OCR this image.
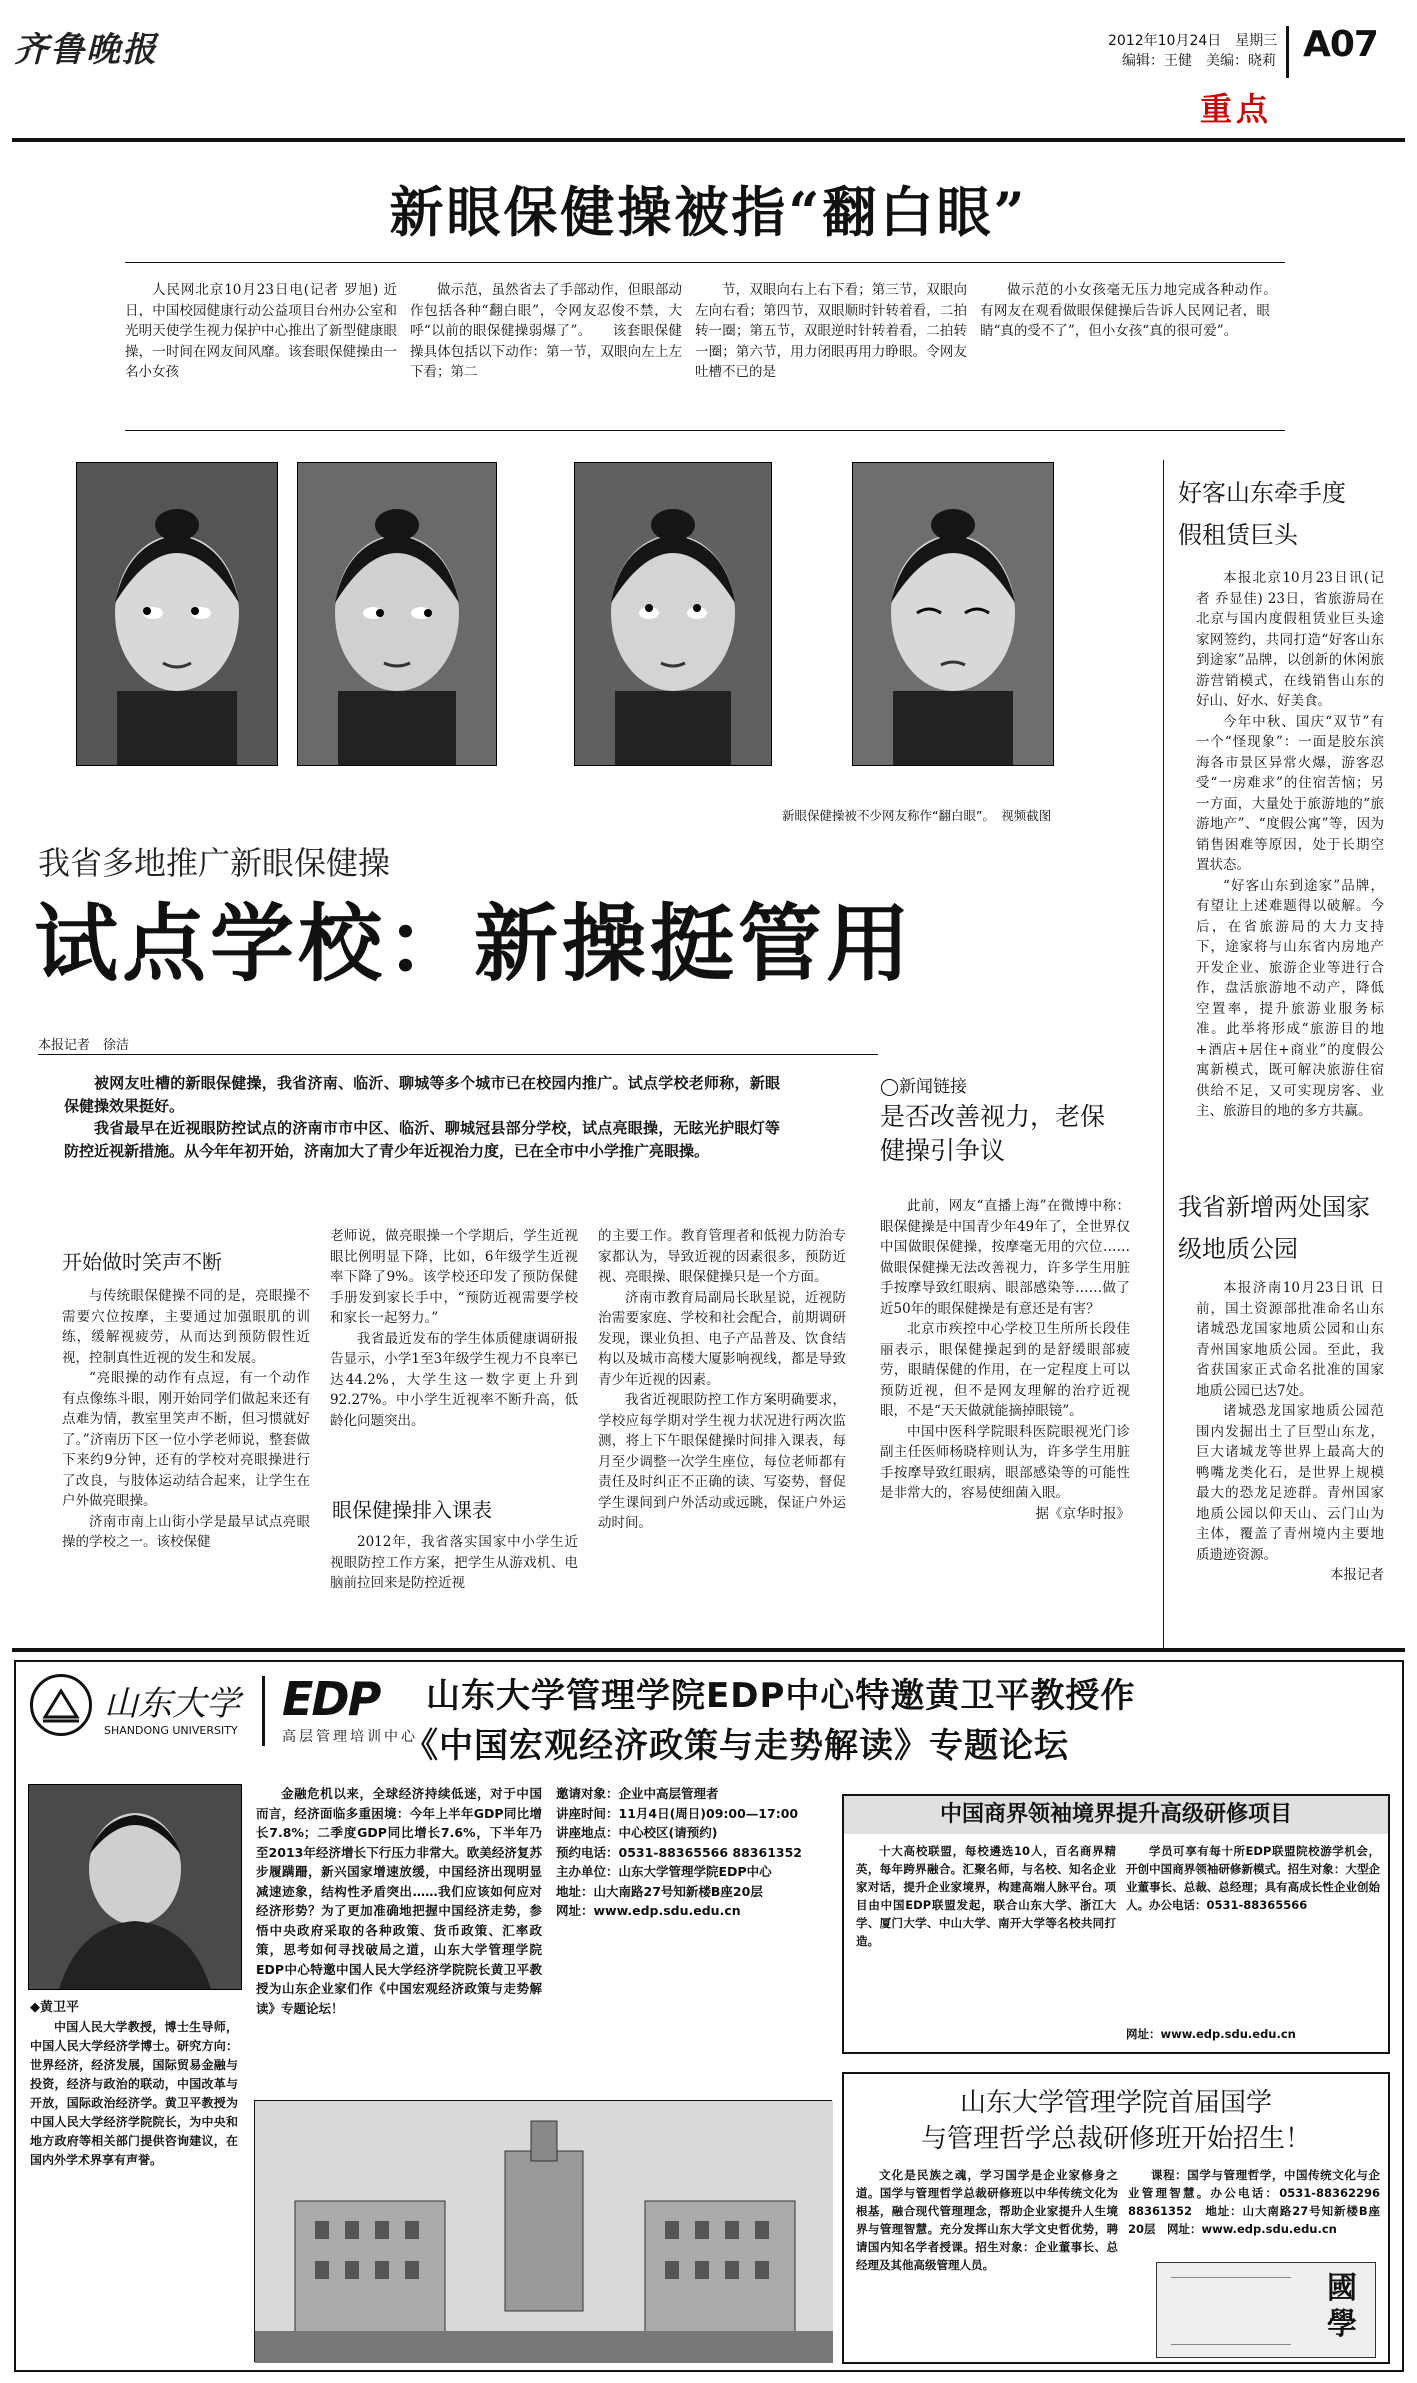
齐鲁晚报	2012年10月24日　星期三
编辑：王健　美编：晓莉 A07
重点
新眼保健操被指“翻白眼”

人民网北京10月23日电(记者 罗旭) 近日，中国校园健康行动公益项目台州办公室和光明天使学生视力保护中心推出了新型健康眼操，一时间在网友间风靡。该套眼保健操由一名小女孩

做示范，虽然省去了手部动作，但眼部动作包括各种“翻白眼”，令网友忍俊不禁，大呼“以前的眼保健操弱爆了”。　　该套眼保健操具体包括以下动作：第一节，双眼向左上左下看；第二

节，双眼向右上右下看；第三节，双眼向左向右看；第四节，双眼顺时针转着看，二拍转一圈；第五节，双眼逆时针转着看，二拍转一圈；第六节，用力闭眼再用力睁眼。令网友吐槽不已的是

做示范的小女孩毫无压力地完成各种动作。　　有网友在观看做眼保健操后告诉人民网记者，眼睛“真的受不了”，但小女孩“真的很可爱”。

新眼保健操被不少网友称作“翻白眼”。　视频截图
我省多地推广新眼保健操
试点学校：新操挺管用
本报记者　徐洁

被网友吐槽的新眼保健操，我省济南、临沂、聊城等多个城市已在校园内推广。试点学校老师称，新眼保健操效果挺好。

我省最早在近视眼防控试点的济南市市中区、临沂、聊城冠县部分学校，试点亮眼操，无眩光护眼灯等防控近视新措施。从今年年初开始，济南加大了青少年近视治力度，已在全市中小学推广亮眼操。

开始做时笑声不断

与传统眼保健操不同的是，亮眼操不需要穴位按摩，主要通过加强眼肌的训练，缓解视疲劳，从而达到预防假性近视，控制真性近视的发生和发展。

“亮眼操的动作有点逗，有一个动作有点像练斗眼，刚开始同学们做起来还有点难为情，教室里笑声不断，但习惯就好了。”济南历下区一位小学老师说，整套做下来约9分钟，还有的学校对亮眼操进行了改良，与肢体运动结合起来，让学生在户外做亮眼操。

济南市南上山街小学是最早试点亮眼操的学校之一。该校保健

老师说，做亮眼操一个学期后，学生近视眼比例明显下降，比如，6年级学生近视率下降了9%。该学校还印发了预防保健手册发到家长手中，“预防近视需要学校和家长一起努力。”

我省最近发布的学生体质健康调研报告显示，小学1至3年级学生视力不良率已达44.2%，大学生这一数字更上升到92.27%。中小学生近视率不断升高，低龄化问题突出。

眼保健操排入课表

2012年，我省落实国家中小学生近视眼防控工作方案，把学生从游戏机、电脑前拉回来是防控近视

的主要工作。教育管理者和低视力防治专家都认为，导致近视的因素很多，预防近视、亮眼操、眼保健操只是一个方面。

济南市教育局副局长耿星说，近视防治需要家庭、学校和社会配合，前期调研发现，课业负担、电子产品普及、饮食结构以及城市高楼大厦影响视线，都是导致青少年近视的因素。

我省近视眼防控工作方案明确要求，学校应每学期对学生视力状况进行两次监测，将上下午眼保健操时间排入课表，每月至少调整一次学生座位，每位老师都有责任及时纠正不正确的读、写姿势，督促学生课间到户外活动或远眺，保证户外运动时间。

◯新闻链接
是否改善视力，老保健操引争议

此前，网友“直播上海”在微博中称：眼保健操是中国青少年49年了，全世界仅中国做眼保健操，按摩毫无用的穴位……做眼保健操无法改善视力，许多学生用脏手按摩导致红眼病、眼部感染等……做了近50年的眼保健操是有意还是有害？

北京市疾控中心学校卫生所所长段佳丽表示，眼保健操起到的是舒缓眼部疲劳，眼睛保健的作用，在一定程度上可以预防近视，但不是网友理解的治疗近视眼，不是“天天做就能摘掉眼镜”。

中国中医科学院眼科医院眼视光门诊副主任医师杨晓梓则认为，许多学生用脏手按摩导致红眼病，眼部感染等的可能性是非常大的，容易使细菌入眼。

据《京华时报》

好客山东牵手度假租赁巨头

本报北京10月23日讯(记者 乔显佳) 23日，省旅游局在北京与国内度假租赁业巨头途家网签约，共同打造“好客山东到途家”品牌，以创新的休闲旅游营销模式，在线销售山东的好山、好水、好美食。

今年中秋、国庆“双节”有一个“怪现象”：一面是胶东滨海各市景区异常火爆，游客忍受“一房难求”的住宿苦恼；另一方面，大量处于旅游地的“旅游地产”、“度假公寓”等，因为销售困难等原因，处于长期空置状态。

“好客山东到途家”品牌，有望让上述难题得以破解。今后，在省旅游局的大力支持下，途家将与山东省内房地产开发企业、旅游企业等进行合作，盘活旅游地不动产，降低空置率，提升旅游业服务标准。此举将形成“旅游目的地+酒店+居住+商业”的度假公寓新模式，既可解决旅游住宿供给不足，又可实现房客、业主、旅游目的地的多方共赢。

我省新增两处国家级地质公园

本报济南10月23日讯 日前，国土资源部批准命名山东诸城恐龙国家地质公园和山东青州国家地质公园。至此，我省获国家正式命名批准的国家地质公园已达7处。

诸城恐龙国家地质公园范围内发掘出土了巨型山东龙，巨大诸城龙等世界上最高大的鸭嘴龙类化石，是世界上规模最大的恐龙足迹群。青州国家地质公园以仰天山、云门山为主体，覆盖了青州境内主要地质遗迹资源。

本报记者

山东大学
SHANDONG UNIVERSITY
EDP
高层管理培训中心
山东大学管理学院EDP中心特邀黄卫平教授作
《中国宏观经济政策与走势解读》专题论坛
◆黄卫平

中国人民大学教授，博士生导师，中国人民大学经济学博士。研究方向：世界经济，经济发展，国际贸易金融与投资，经济与政治的联动，中国改革与开放，国际政治经济学。黄卫平教授为中国人民大学经济学院院长，为中央和地方政府等相关部门提供咨询建议，在国内外学术界享有声誉。

金融危机以来，全球经济持续低迷，对于中国而言，经济面临多重困境：今年上半年GDP同比增长7.8%；二季度GDP同比增长7.6%，下半年乃至2013年经济增长下行压力非常大。欧美经济复苏步履蹒跚，新兴国家增速放缓，中国经济出现明显减速迹象，结构性矛盾突出……我们应该如何应对经济形势？为了更加准确地把握中国经济走势，参悟中央政府采取的各种政策、货币政策、汇率政策，思考如何寻找破局之道，山东大学管理学院EDP中心特邀中国人民大学经济学院院长黄卫平教授为山东企业家们作《中国宏观经济政策与走势解读》专题论坛！

邀请对象：企业中高层管理者

讲座时间：11月4日(周日)09:00—17:00

讲座地点：中心校区(请预约)

预约电话：0531-88365566 88361352

主办单位：山东大学管理学院EDP中心

地址：山大南路27号知新楼B座20层

网址：www.edp.sdu.edu.cn

中国商界领袖境界提升高级研修项目

十大高校联盟，每校遴选10人，百名商界精英，每年跨界融合。汇聚名师，与名校、知名企业家对话，提升企业家境界，构建高端人脉平台。项目由中国EDP联盟发起，联合山东大学、浙江大学、厦门大学、中山大学、南开大学等名校共同打造。

学员可享有每十所EDP联盟院校游学机会，开创中国商界领袖研修新模式。招生对象：大型企业董事长、总裁、总经理；具有高成长性企业创始人。办公电话：0531-88365566

网址：www.edp.sdu.edu.cn
山东大学管理学院首届国学
与管理哲学总裁研修班开始招生！

文化是民族之魂，学习国学是企业家修身之道。国学与管理哲学总裁研修班以中华传统文化为根基，融合现代管理理念，帮助企业家提升人生境界与管理智慧。充分发挥山东大学文史哲优势，聘请国内知名学者授课。招生对象：企业董事长、总经理及其他高级管理人员。

课程：国学与管理哲学，中国传统文化与企业管理智慧。办公电话：0531-88362296 88361352　地址：山大南路27号知新楼B座20层　网址：www.edp.sdu.edu.cn

國學
